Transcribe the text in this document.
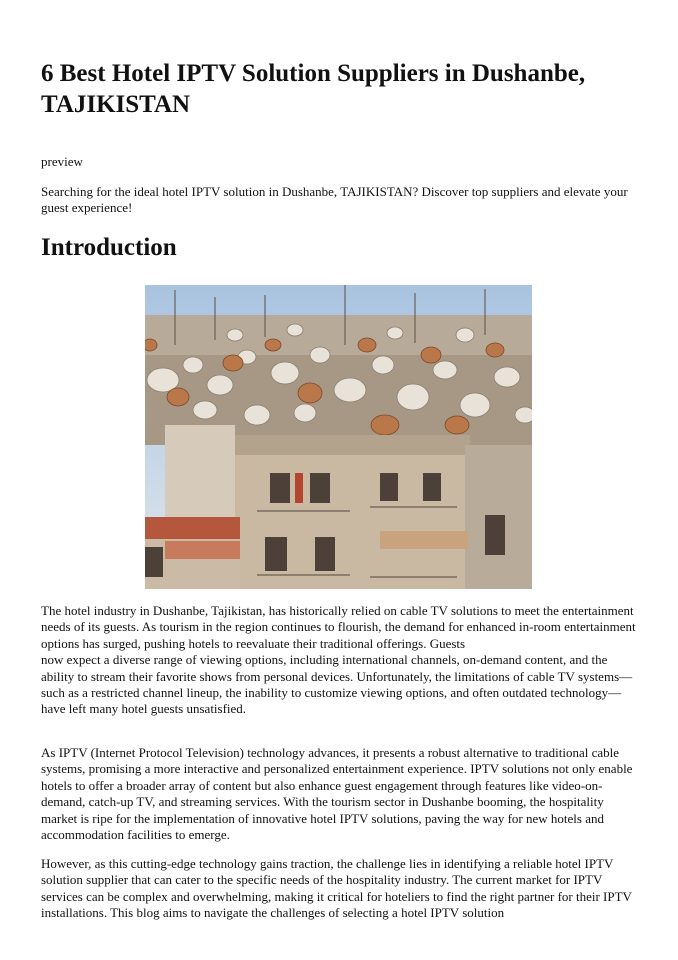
6 Best Hotel IPTV Solution Suppliers in Dushanbe, TAJIKISTAN

preview

Searching for the ideal hotel IPTV solution in Dushanbe, TAJIKISTAN? Discover top suppliers and elevate your guest experience!

Introduction

The hotel industry in Dushanbe, Tajikistan, has historically relied on cable TV solutions to meet the entertainment needs of its guests. As tourism in the region continues to flourish, the demand for enhanced in-room entertainment options has surged, pushing hotels to reevaluate their traditional offerings. Guests
now expect a diverse range of viewing options, including international channels, on-demand content, and the ability to stream their favorite shows from personal devices. Unfortunately, the limitations of cable TV systems—such as a restricted channel lineup, the inability to customize viewing options, and often outdated technology—have left many hotel guests unsatisfied.

As IPTV (Internet Protocol Television) technology advances, it presents a robust alternative to traditional cable systems, promising a more interactive and personalized entertainment experience. IPTV solutions not only enable hotels to offer a broader array of content but also enhance guest engagement through features like video-on-demand, catch-up TV, and streaming services. With the tourism sector in Dushanbe booming, the hospitality market is ripe for the implementation of innovative hotel IPTV solutions, paving the way for new hotels and accommodation facilities to emerge.

However, as this cutting-edge technology gains traction, the challenge lies in identifying a reliable hotel IPTV solution supplier that can cater to the specific needs of the hospitality industry. The current market for IPTV services can be complex and overwhelming, making it critical for hoteliers to find the right partner for their IPTV installations. This blog aims to navigate the challenges of selecting a hotel IPTV solution
